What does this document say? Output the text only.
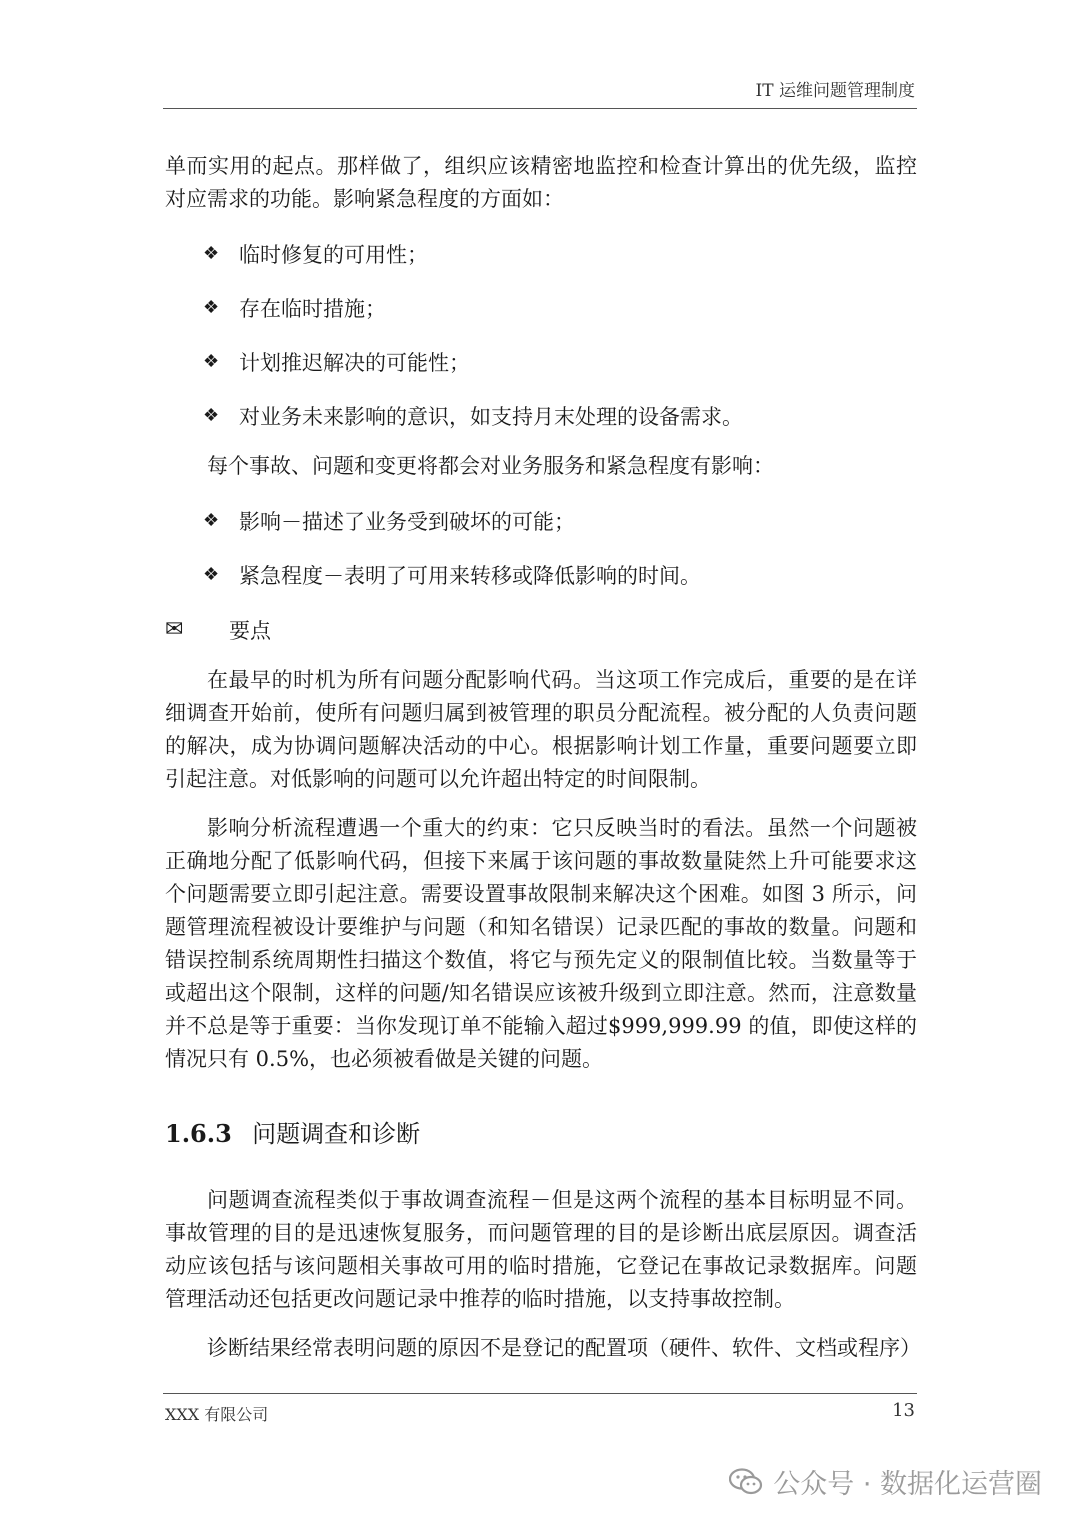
IT 运维问题管理制度

单而实用的起点。那样做了，组织应该精密地监控和检查计算出的优先级，监控对应需求的功能。影响紧急程度的方面如：

❖ 临时修复的可用性；
❖ 存在临时措施；
❖ 计划推迟解决的可能性；
❖ 对业务未来影响的意识，如支持月末处理的设备需求。

每个事故、问题和变更将都会对业务服务和紧急程度有影响：

❖ 影响－描述了业务受到破坏的可能；
❖ 紧急程度－表明了可用来转移或降低影响的时间。
✉	要点

在最早的时机为所有问题分配影响代码。当这项工作完成后，重要的是在详细调查开始前，使所有问题归属到被管理的职员分配流程。被分配的人负责问题的解决，成为协调问题解决活动的中心。根据影响计划工作量，重要问题要立即引起注意。对低影响的问题可以允许超出特定的时间限制。

影响分析流程遭遇一个重大的约束：它只反映当时的看法。虽然一个问题被正确地分配了低影响代码，但接下来属于该问题的事故数量陡然上升可能要求这个问题需要立即引起注意。需要设置事故限制来解决这个困难。如图 3 所示，问题管理流程被设计要维护与问题（和知名错误）记录匹配的事故的数量。问题和错误控制系统周期性扫描这个数值，将它与预先定义的限制值比较。当数量等于或超出这个限制，这样的问题/知名错误应该被升级到立即注意。然而，注意数量并不总是等于重要：当你发现订单不能输入超过$999,999.99 的值，即使这样的情况只有 0.5%，也必须被看做是关键的问题。

1.6.3 问题调查和诊断

问题调查流程类似于事故调查流程－但是这两个流程的基本目标明显不同。事故管理的目的是迅速恢复服务，而问题管理的目的是诊断出底层原因。调查活动应该包括与该问题相关事故可用的临时措施，它登记在事故记录数据库。问题管理活动还包括更改问题记录中推荐的临时措施，以支持事故控制。

诊断结果经常表明问题的原因不是登记的配置项（硬件、软件、文档或程序）

XXX 有限公司	13
公众号 · 数据化运营圈
